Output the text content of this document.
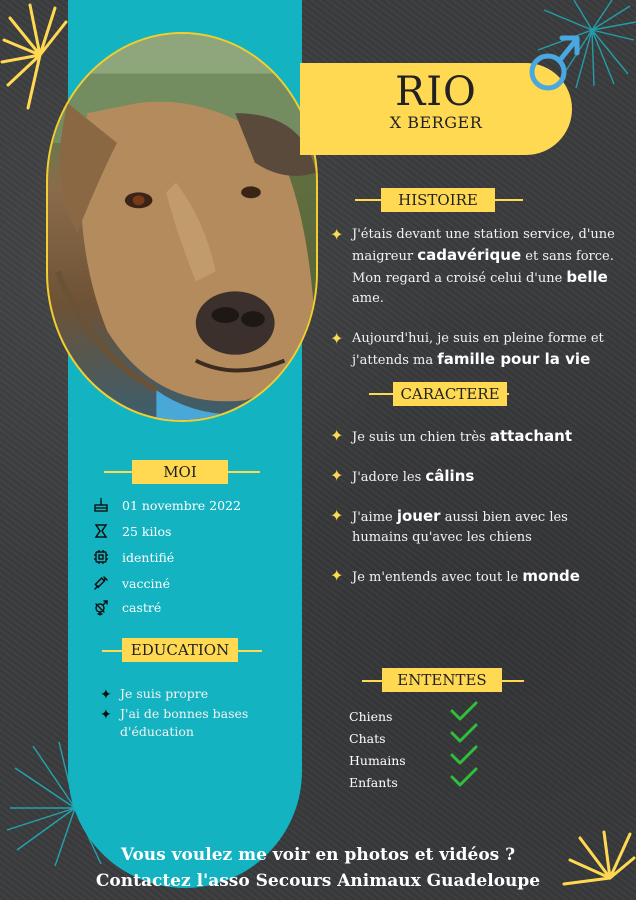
RIO
X BERGER
HISTOIRE
✦ J'étais devant une station service, d'une
maigreur cadavérique et sans force.
Mon regard a croisé celui d'une belle
ame.
✦ Aujourd'hui, je suis en pleine forme et
j'attends ma famille pour la vie
CARACTERE
✦ Je suis un chien très attachant
✦ J'adore les câlins
✦ J'aime jouer aussi bien avec les
humains qu'avec les chiens
✦ Je m'entends avec tout le monde
MOI
01 novembre 2022
25 kilos
identifié
vacciné
castré
EDUCATION
✦ Je suis propre
✦ J'ai de bonnes bases
d'éducation
ENTENTES
Chiens
Chats
Humains
Enfants
Vous voulez me voir en photos et vidéos ?
Contactez l'asso Secours Animaux Guadeloupe
